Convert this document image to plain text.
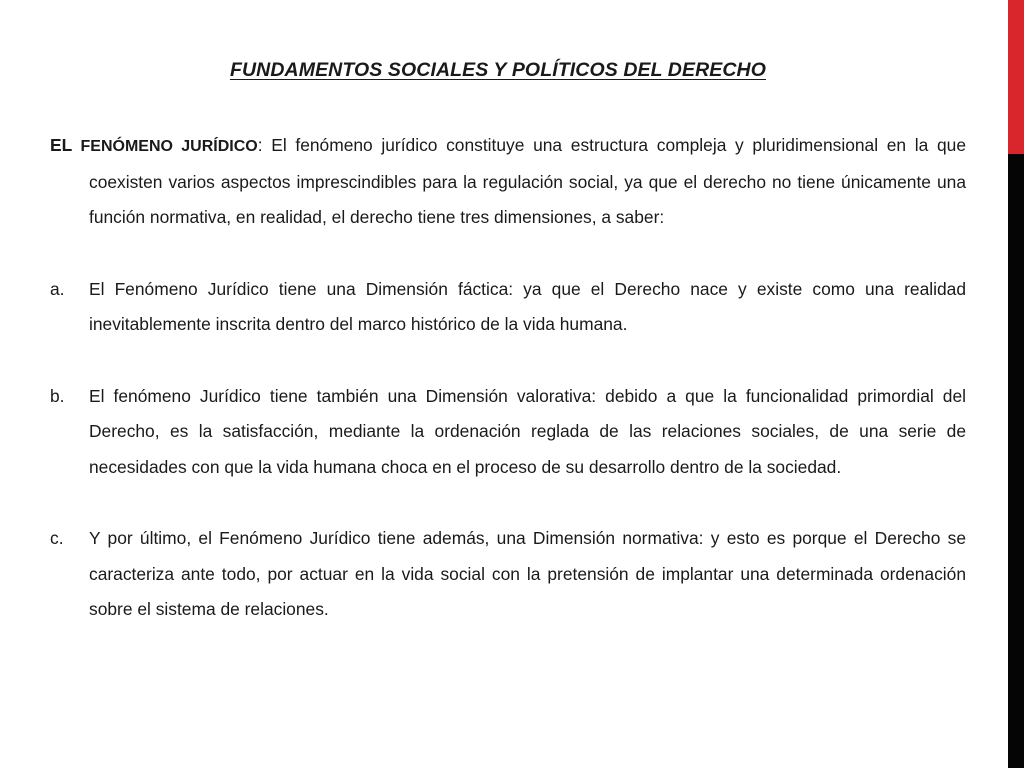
FUNDAMENTOS SOCIALES Y POLÍTICOS DEL DERECHO

EL FENÓMENO JURÍDICO: El fenómeno jurídico constituye una estructura compleja y pluridimensional en la que coexisten varios aspectos imprescindibles para la regulación social, ya que el derecho no tiene únicamente una función normativa, en realidad, el derecho tiene tres dimensiones, a saber:

a. El Fenómeno Jurídico tiene una Dimensión fáctica: ya que el Derecho nace y existe como una realidad inevitablemente inscrita dentro del marco histórico de la vida humana.
b. El fenómeno Jurídico tiene también una Dimensión valorativa: debido a que la funcionalidad primordial del Derecho, es la satisfacción, mediante la ordenación reglada de las relaciones sociales, de una serie de necesidades con que la vida humana choca en el proceso de su desarrollo dentro de la sociedad.
c. Y por último, el Fenómeno Jurídico tiene además, una Dimensión normativa: y esto es porque el Derecho se caracteriza ante todo, por actuar en la vida social con la pretensión de implantar una determinada ordenación sobre el sistema de relaciones.
